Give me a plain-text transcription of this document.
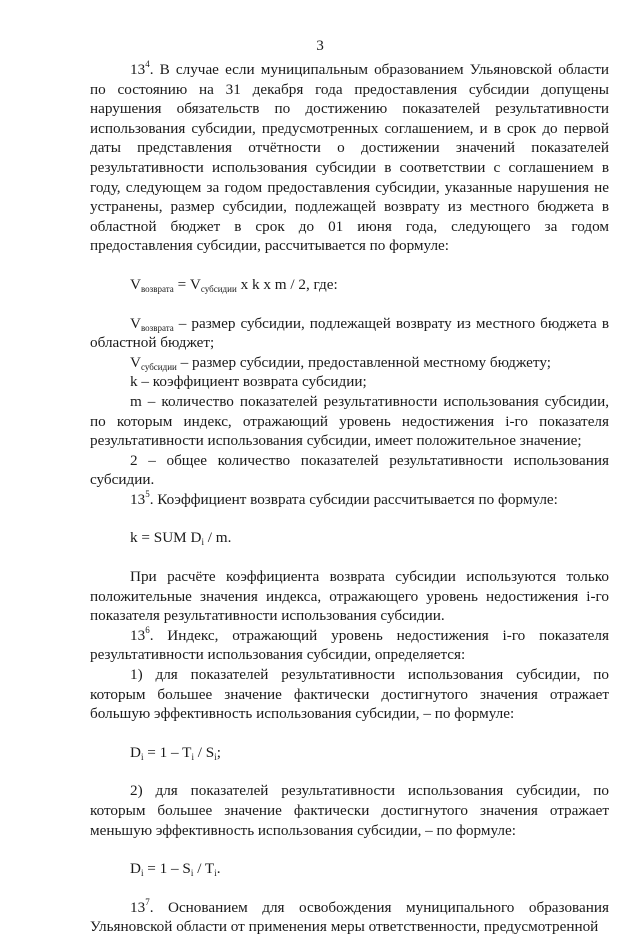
3

$13^4$. В случае если муниципальным образованием Ульяновской области по состоянию на 31 декабря года предоставления субсидии допущены нарушения обязательств по достижению показателей результативности использования субсидии, предусмотренных соглашением, и в срок до первой даты представления отчётности о достижении значений показателей результативности использования субсидии в соответствии с соглашением в году, следующем за годом предоставления субсидии, указанные нарушения не устранены, размер субсидии, подлежащей возврату из местного бюджета в областной бюджет в срок до 01 июня года, следующего за годом предоставления субсидии, рассчитывается по формуле:

$V_{возврата} = V_{субсидии}$ x k x m / 2, где:

$V_{возврата}$ – размер субсидии, подлежащей возврату из местного бюджета в областной бюджет;

$V_{субсидии}$ – размер субсидии, предоставленной местному бюджету;

k – коэффициент возврата субсидии;

m – количество показателей результативности использования субсидии, по которым индекс, отражающий уровень недостижения i-го показателя результативности использования субсидии, имеет положительное значение;

2 – общее количество показателей результативности использования субсидии.

$13^5$. Коэффициент возврата субсидии рассчитывается по формуле:

k = SUM $D_i$ / m.

При расчёте коэффициента возврата субсидии используются только положительные значения индекса, отражающего уровень недостижения i-го показателя результативности использования субсидии.

$13^6$. Индекс, отражающий уровень недостижения i-го показателя результативности использования субсидии, определяется:

1) для показателей результативности использования субсидии, по которым большее значение фактически достигнутого значения отражает большую эффективность использования субсидии, – по формуле:

$D_i = 1 - T_i / S_i$;

2) для показателей результативности использования субсидии, по которым большее значение фактически достигнутого значения отражает меньшую эффективность использования субсидии, – по формуле:

$D_i = 1 - S_i / T_i$.

$13^7$. Основанием для освобождения муниципального образования Ульяновской области от применения меры ответственности, предусмотренной
